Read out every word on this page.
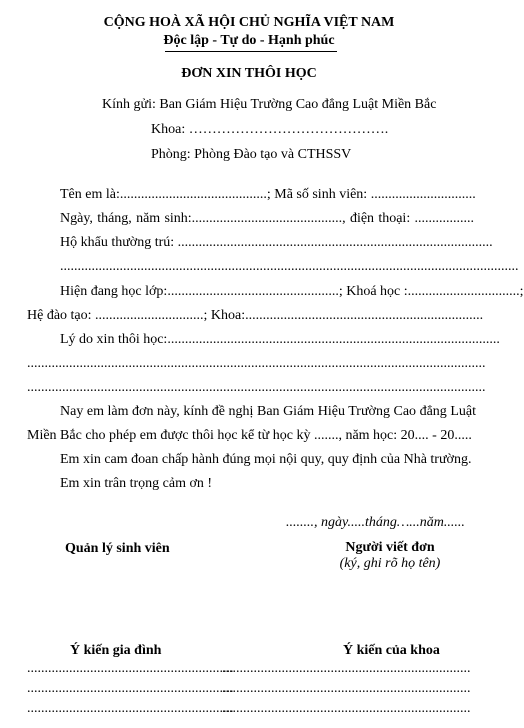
CỘNG HOÀ XÃ HỘI CHỦ NGHĨA VIỆT NAM
Độc lập - Tự do - Hạnh phúc
ĐƠN XIN THÔI HỌC
Kính gửi: Ban Giám Hiệu Trường Cao đẳng Luật Miền Bắc
Khoa: …………………………………….
Phòng: Phòng Đào tạo và CTHSSV
Tên em là:..........................................; Mã số sinh viên: ..............................
Ngày, tháng, năm sinh:..........................................., điện thoại: .................
Hộ khẩu thường trú: ..........................................................................................
...................................................................................................................................
Hiện đang học lớp:.................................................; Khoá học :................................;
Hệ đào tạo: ...............................; Khoa:....................................................................
Lý do xin thôi học:...............................................................................................
...................................................................................................................................
...................................................................................................................................
Nay em làm đơn này, kính đề nghị Ban Giám Hiệu Trường Cao đẳng Luật
Miền Bắc cho phép em được thôi học kể từ học kỳ ......., năm học: 20.... - 20.....
Em xin cam đoan chấp hành đúng mọi nội quy, quy định của Nhà trường.
Em xin trân trọng cảm ơn !
........, ngày.....tháng…...năm......
Quản lý sinh viên	Người viết đơn
(ký, ghi rõ họ tên)
Ý kiến gia đình	Ý kiến của khoa
...........................................................
...........................................................
...........................................................
.......................................................................
.......................................................................
.......................................................................
